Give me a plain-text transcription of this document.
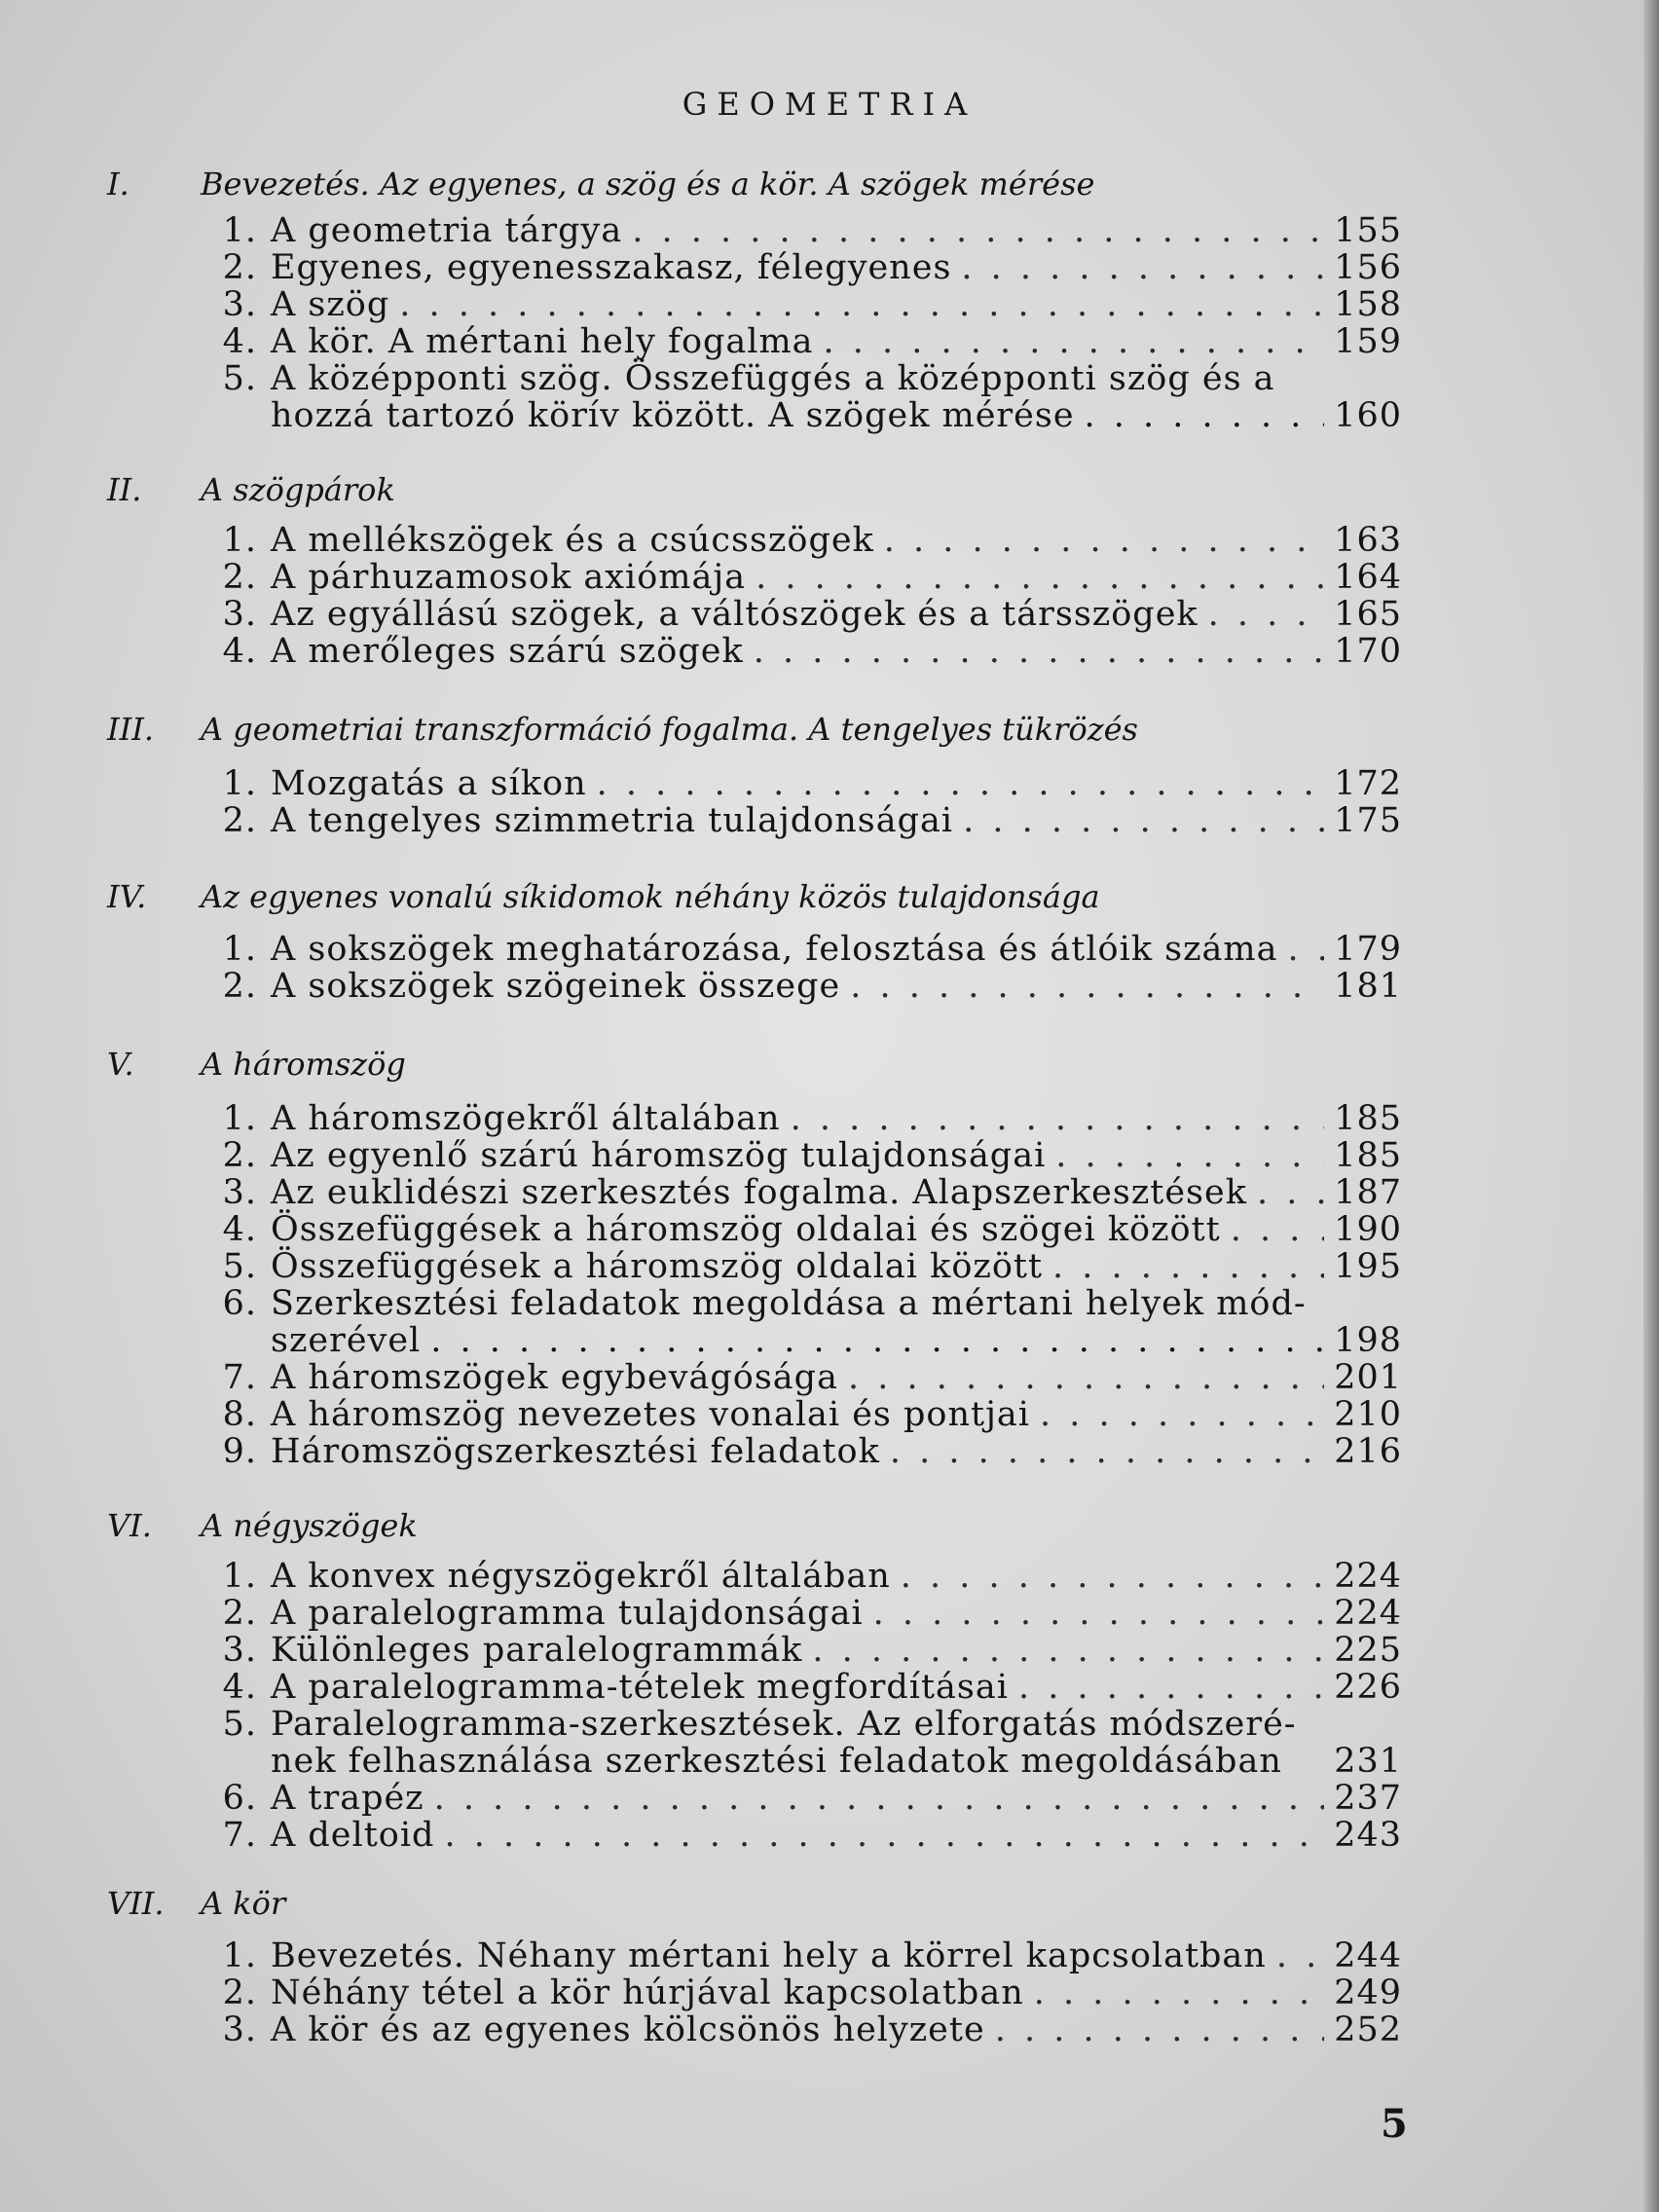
GEOMETRIA
I. Bevezetés. Az egyenes, a szög és a kör. A szögek mérése
1. A geometria tárgya . . .	155
2. Egyenes, egyenesszakasz, félegyenes . . .	156
3. A szög . . .	158
4. A kör. A mértani hely fogalma . . .	159
5. A középponti szög. Összefüggés a középponti szög és a
hozzá tartozó körív között. A szögek mérése . . .	160
II. A szögpárok
1. A mellékszögek és a csúcsszögek . . .	163
2. A párhuzamosok axiómája . . .	164
3. Az egyállású szögek, a váltószögek és a társszögek . . .	165
4. A merőleges szárú szögek . . .	170
III. A geometriai transzformáció fogalma. A tengelyes tükrözés
1. Mozgatás a síkon . . .	172
2. A tengelyes szimmetria tulajdonságai . . .	175
IV. Az egyenes vonalú síkidomok néhány közös tulajdonsága
1. A sokszögek meghatározása, felosztása és átlóik száma . . . 179
2. A sokszögek szögeinek összege . . .	181
V. A háromszög
1. A háromszögekről általában . . .	185
2. Az egyenlő szárú háromszög tulajdonságai . . .	185
3. Az euklidészi szerkesztés fogalma. Alapszerkesztések . . .	187
4. Összefüggések a háromszög oldalai és szögei között . . .	190
5. Összefüggések a háromszög oldalai között . . .	195
6. Szerkesztési feladatok megoldása a mértani helyek mód-
szerével . . .	198
7. A háromszögek egybevágósága . . .	201
8. A háromszög nevezetes vonalai és pontjai . . .	210
9. Háromszögszerkesztési feladatok . . .	216
VI. A négyszögek
1. A konvex négyszögekről általában . . .	224
2. A paralelogramma tulajdonságai . . .	224
3. Különleges paralelogrammák . . .	225
4. A paralelogramma-tételek megfordításai . . .	226
5. Paralelogramma-szerkesztések. Az elforgatás módszeré-
nek felhasználása szerkesztési feladatok megoldásában 231
6. A trapéz . . .	237
7. A deltoid . . .	243
VII. A kör
1. Bevezetés. Néhany mértani hely a körrel kapcsolatban . . . 244
2. Néhány tétel a kör húrjával kapcsolatban . . .	249
3. A kör és az egyenes kölcsönös helyzete . . .	252
5
